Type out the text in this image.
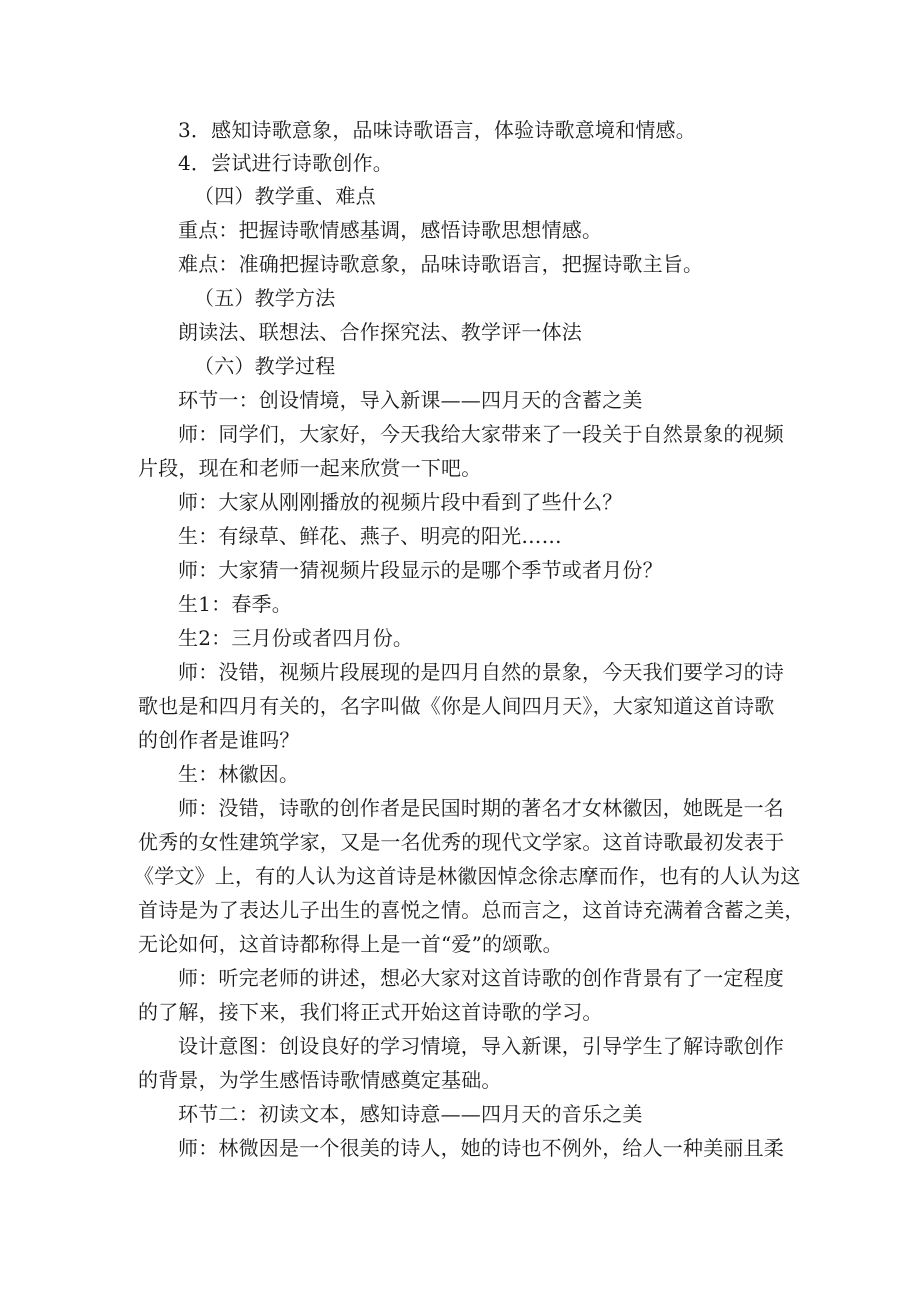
3．感知诗歌意象，品味诗歌语言，体验诗歌意境和情感。
4．尝试进行诗歌创作。
（四）教学重、难点
重点：把握诗歌情感基调，感悟诗歌思想情感。
难点：准确把握诗歌意象，品味诗歌语言，把握诗歌主旨。
（五）教学方法
朗读法、联想法、合作探究法、教学评一体法
（六）教学过程
环节一：创设情境，导入新课——四月天的含蓄之美
师：同学们，大家好，今天我给大家带来了一段关于自然景象的视频
片段，现在和老师一起来欣赏一下吧。
师：大家从刚刚播放的视频片段中看到了些什么？
生：有绿草、鲜花、燕子、明亮的阳光……
师：大家猜一猜视频片段显示的是哪个季节或者月份？
生1：春季。
生2：三月份或者四月份。
师：没错，视频片段展现的是四月自然的景象，今天我们要学习的诗
歌也是和四月有关的，名字叫做《你是人间四月天》，大家知道这首诗歌
的创作者是谁吗？
生：林徽因。
师：没错，诗歌的创作者是民国时期的著名才女林徽因，她既是一名
优秀的女性建筑学家，又是一名优秀的现代文学家。这首诗歌最初发表于
《学文》上，有的人认为这首诗是林徽因悼念徐志摩而作，也有的人认为这
首诗是为了表达儿子出生的喜悦之情。总而言之，这首诗充满着含蓄之美，
无论如何，这首诗都称得上是一首“爱”的颂歌。
师：听完老师的讲述，想必大家对这首诗歌的创作背景有了一定程度
的了解，接下来，我们将正式开始这首诗歌的学习。
设计意图：创设良好的学习情境，导入新课，引导学生了解诗歌创作
的背景，为学生感悟诗歌情感奠定基础。
环节二：初读文本，感知诗意——四月天的音乐之美
师：林微因是一个很美的诗人，她的诗也不例外，给人一种美丽且柔
